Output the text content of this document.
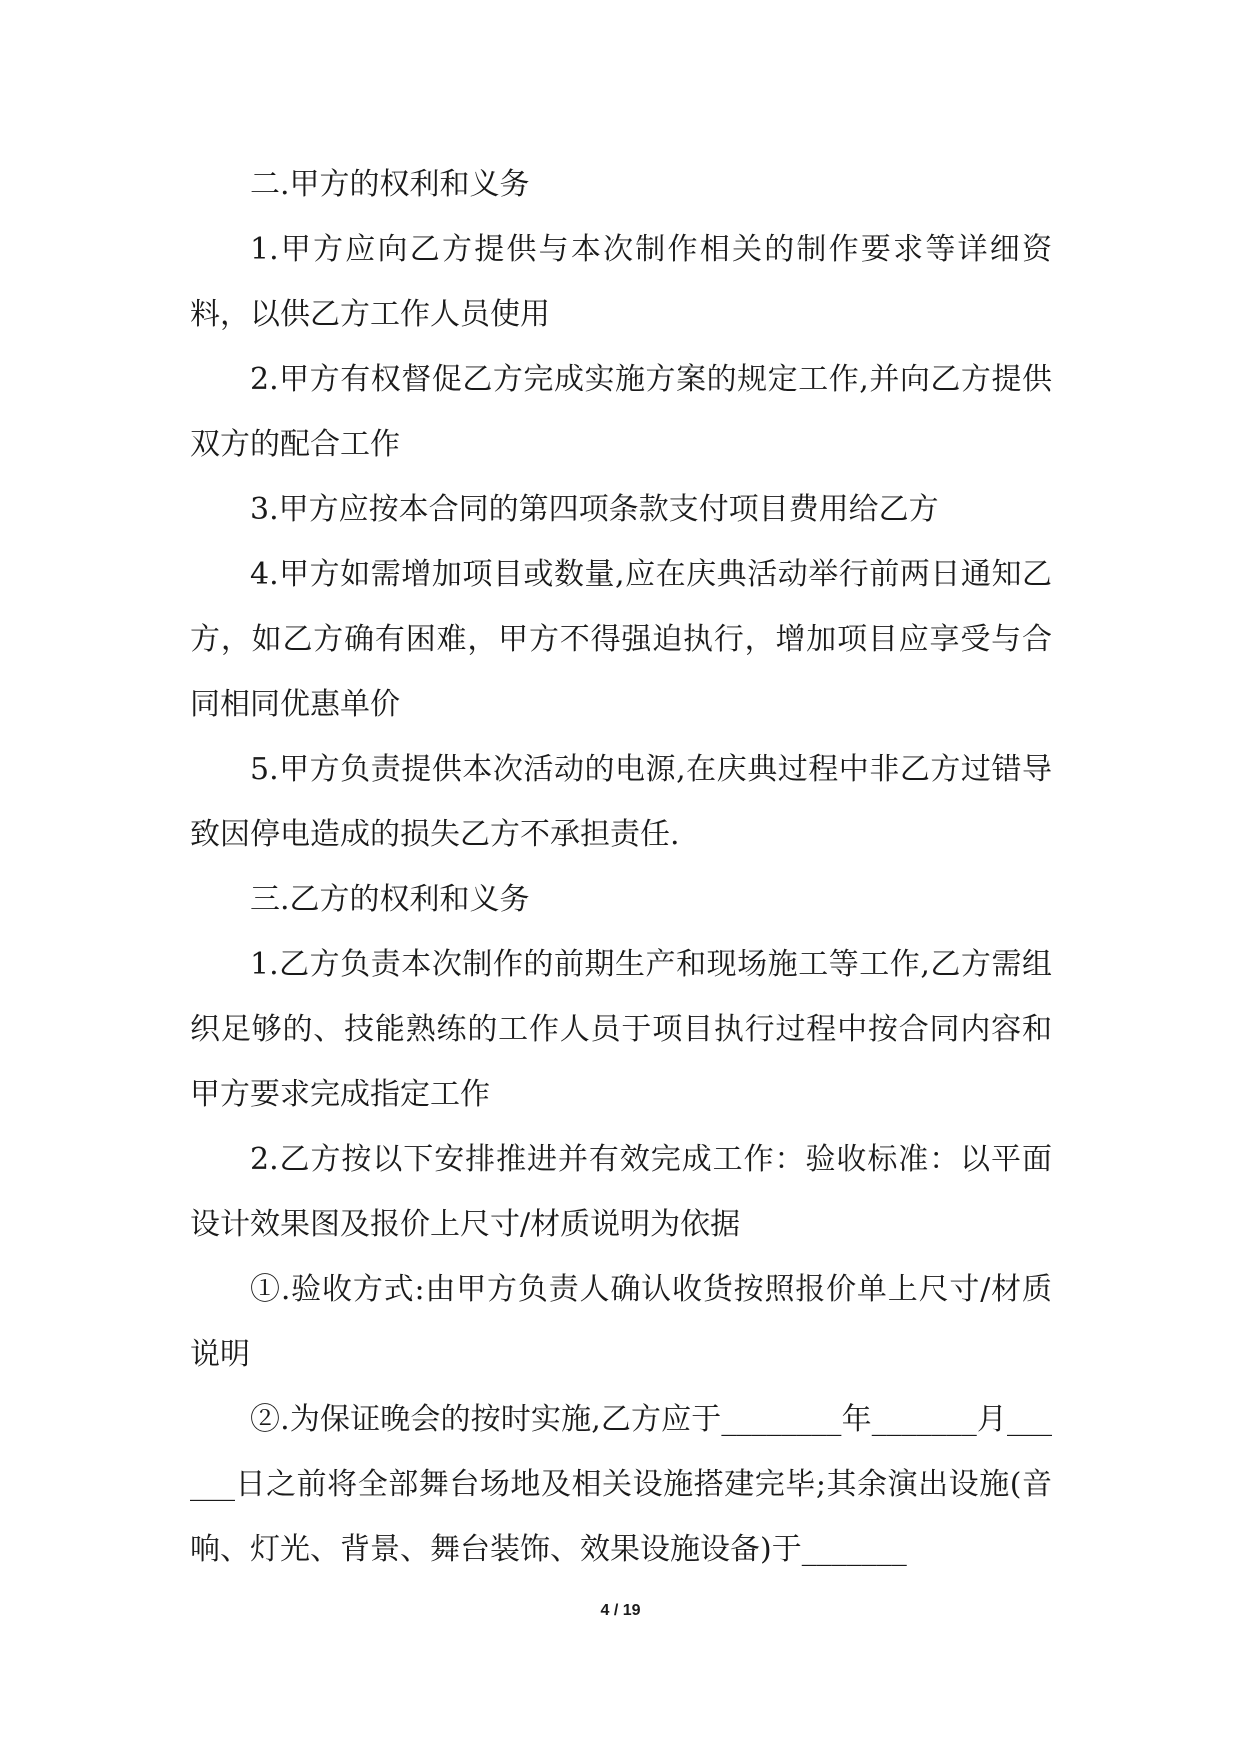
二.甲方的权利和义务

1.甲方应向乙方提供与本次制作相关的制作要求等详细资料，以供乙方工作人员使用

2.甲方有权督促乙方完成实施方案的规定工作,并向乙方提供双方的配合工作

3.甲方应按本合同的第四项条款支付项目费用给乙方

4.甲方如需增加项目或数量,应在庆典活动举行前两日通知乙方，如乙方确有困难，甲方不得强迫执行，增加项目应享受与合同相同优惠单价

5.甲方负责提供本次活动的电源,在庆典过程中非乙方过错导致因停电造成的损失乙方不承担责任.

三.乙方的权利和义务

1.乙方负责本次制作的前期生产和现场施工等工作,乙方需组织足够的、技能熟练的工作人员于项目执行过程中按合同内容和甲方要求完成指定工作

2.乙方按以下安排推进并有效完成工作：验收标准：以平面设计效果图及报价上尺寸/材质说明为依据

①.验收方式:由甲方负责人确认收货按照报价单上尺寸/材质说明

②.为保证晚会的按时实施,乙方应于________年_______月______日之前将全部舞台场地及相关设施搭建完毕;其余演出设施(音响、灯光、背景、舞台装饰、效果设施设备)于_______

4 / 19
